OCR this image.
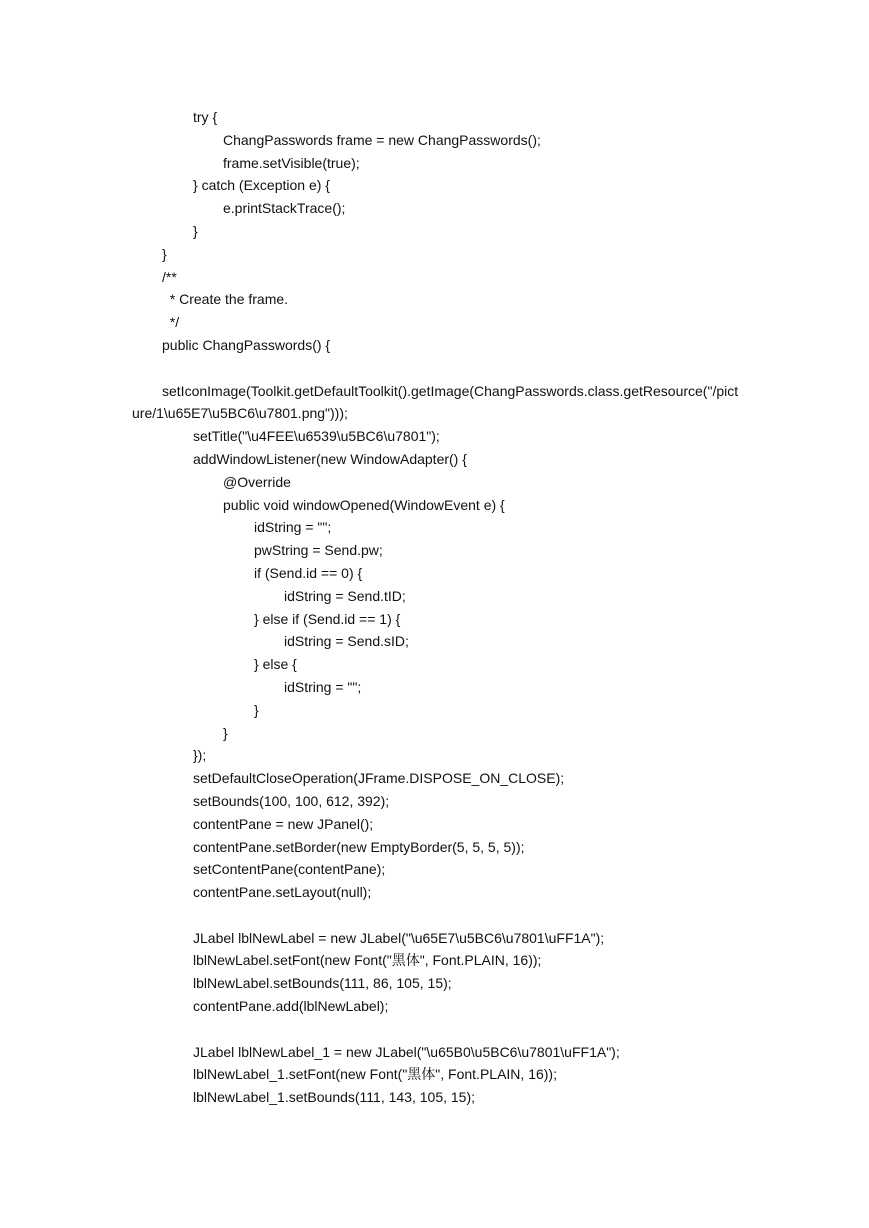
try {
ChangPasswords frame = new ChangPasswords();
frame.setVisible(true);
} catch (Exception e) {
e.printStackTrace();
}
}
/**
* Create the frame.
*/
public ChangPasswords() {
setIconImage(Toolkit.getDefaultToolkit().getImage(ChangPasswords.class.getResource("/pict
ure/1\u65E7\u5BC6\u7801.png")));
setTitle("\u4FEE\u6539\u5BC6\u7801");
addWindowListener(new WindowAdapter() {
@Override
public void windowOpened(WindowEvent e) {
idString = "";
pwString = Send.pw;
if (Send.id == 0) {
idString = Send.tID;
} else if (Send.id == 1) {
idString = Send.sID;
} else {
idString = "";
}
}
});
setDefaultCloseOperation(JFrame.DISPOSE_ON_CLOSE);
setBounds(100, 100, 612, 392);
contentPane = new JPanel();
contentPane.setBorder(new EmptyBorder(5, 5, 5, 5));
setContentPane(contentPane);
contentPane.setLayout(null);
JLabel lblNewLabel = new JLabel("\u65E7\u5BC6\u7801\uFF1A");
lblNewLabel.setFont(new Font("黑体", Font.PLAIN, 16));
lblNewLabel.setBounds(111, 86, 105, 15);
contentPane.add(lblNewLabel);
JLabel lblNewLabel_1 = new JLabel("\u65B0\u5BC6\u7801\uFF1A");
lblNewLabel_1.setFont(new Font("黑体", Font.PLAIN, 16));
lblNewLabel_1.setBounds(111, 143, 105, 15);
